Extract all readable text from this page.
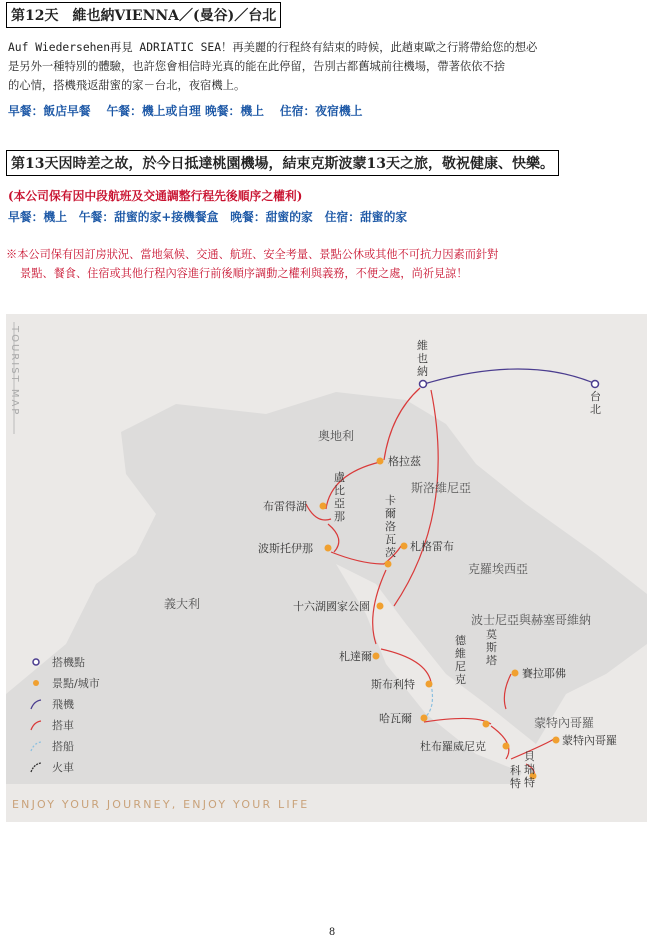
第12天　維也納VIENNA／(曼谷)／台北
Auf Wiedersehen再見 ADRIATIC SEA！再美麗的行程終有結束的時候，此趟東歐之行將帶給您的想必
是另外一種特別的體驗，也許您會相信時光真的能在此停留，告別古都舊城前往機場，帶著依依不捨
的心情，搭機飛返甜蜜的家－台北，夜宿機上。
早餐：飯店早餐　 午餐：機上或自理 晚餐：機上　 住宿：夜宿機上
第13天因時差之故，於今日抵達桃園機場，結束克斯波蒙13天之旅，敬祝健康、快樂。
(本公司保有因中段航班及交通調整行程先後順序之權利)
早餐：機上　午餐：甜蜜的家+接機餐盒　晚餐：甜蜜的家　住宿：甜蜜的家
※本公司保有因訂房狀況、當地氣候、交通、航班、安全考量、景點公休或其他不可抗力因素而針對
景點、餐食、住宿或其他行程內容進行前後順序調動之權利與義務，不便之處，尚祈見諒！
TOURIST MAP
奧地利
斯洛維尼亞
克羅埃西亞
義大利
波士尼亞與赫塞哥維納
蒙特內哥羅
維也納
台北
格拉茲
盧比亞那
布雷得湖	卡爾洛瓦茨 札格雷布
波斯托伊那
十六湖國家公園
札達爾
莫斯塔
斯布利特
德維尼克	賽拉耶佛
哈瓦爾
杜布羅威尼克	蒙特內哥羅
科特
貝瑞特
搭機點
景點/城市
飛機
搭車
搭船
火車
ENJOY YOUR JOURNEY, ENJOY YOUR LIFE
8
